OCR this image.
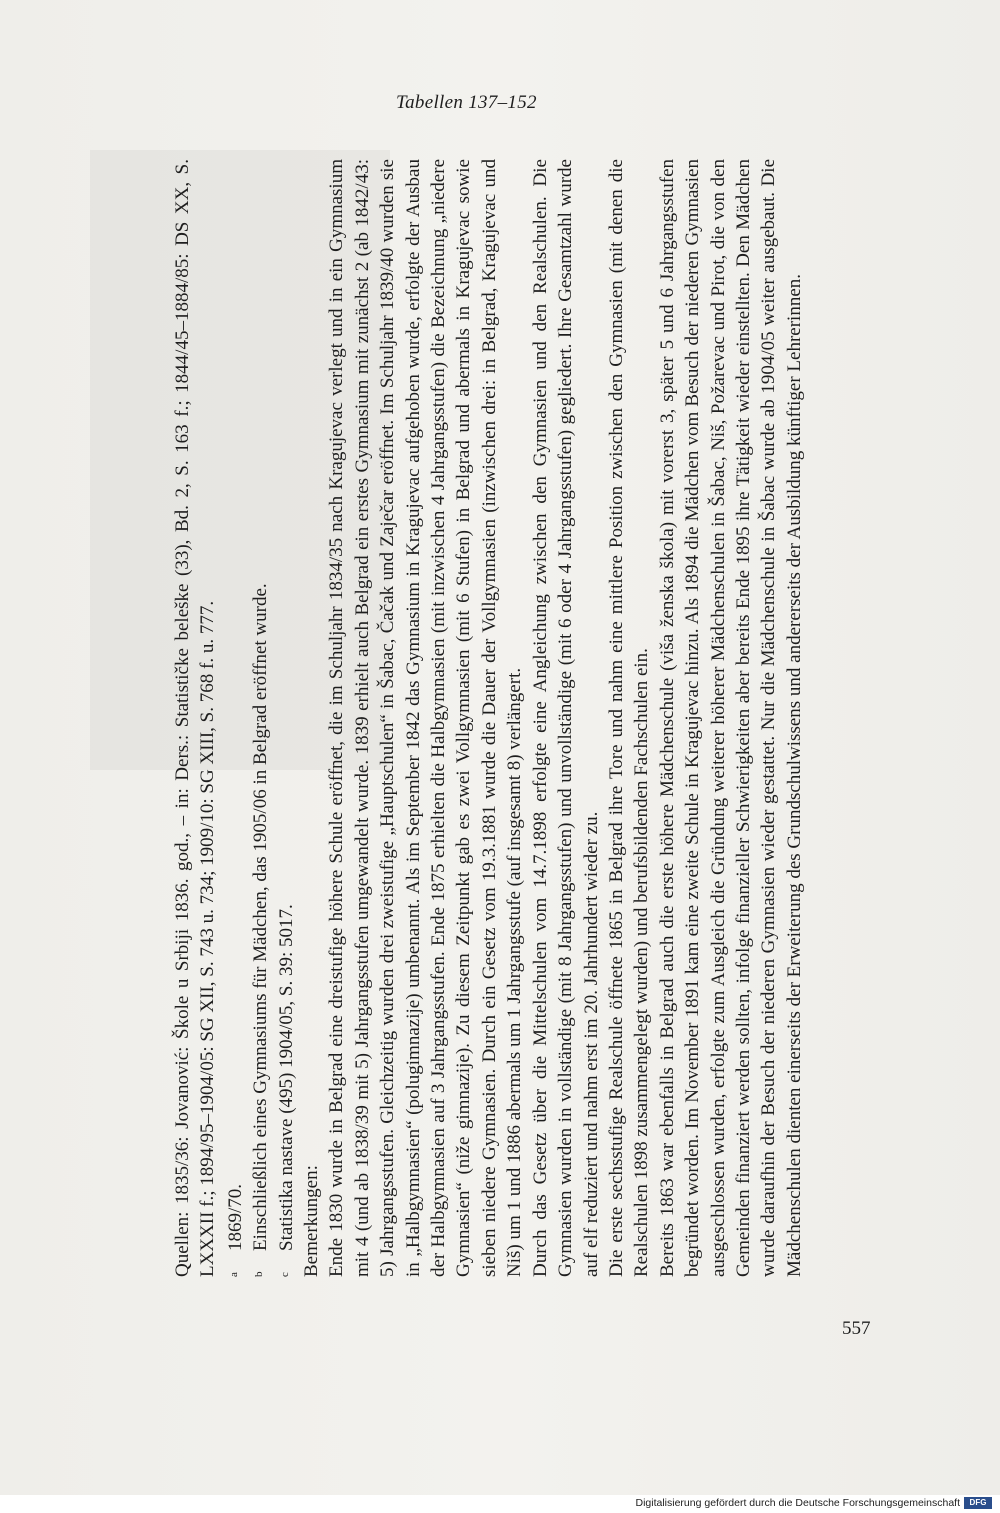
Tabellen 137–152

Quellen: 1835/36: Jovanović: Škole u Srbiji 1836. god., – in: Ders.: Statističke beleške (33), Bd. 2, S. 163 f.; 1844/45–1884/85: DS XX, S. LXXXII f.; 1894/95–1904/05: SG XII, S. 743 u. 734; 1909/10: SG XIII, S. 768 f. u. 777. a
1869/70.
b
Einschließlich eines Gymnasiums für Mädchen, das 1905/06 in Belgrad eröffnet wurde.
c
Statistika nastave (495) 1904/05, S. 39: 5017. Bemerkungen: Ende 1830 wurde in Belgrad eine dreistufige höhere Schule eröffnet, die im Schuljahr 1834/35 nach Kragujevac verlegt und in ein Gymnasium mit 4 (und ab 1838/39 mit 5) Jahrgangsstufen umgewandelt wurde. 1839 erhielt auch Belgrad ein erstes Gymnasium mit zunächst 2 (ab 1842/43: 5) Jahrgangsstufen. Gleichzeitig wurden drei zweistufige „Hauptschulen“ in Šabac, Čačak und Zaječar eröffnet. Im Schuljahr 1839/40 wurden sie in „Halbgymnasien“ (polugimnazije) umbenannt. Als im September 1842 das Gymnasium in Kragujevac aufgehoben wurde, erfolgte der Ausbau der Halbgymnasien auf 3 Jahrgangsstufen. Ende 1875 erhielten die Halbgymnasien (mit inzwischen 4 Jahrgangsstufen) die Bezeichnung „niedere Gymnasien“ (niže gimnazije). Zu diesem Zeitpunkt gab es zwei Vollgymnasien (mit 6 Stufen) in Belgrad und abermals in Kragujevac sowie sieben niedere Gymnasien. Durch ein Gesetz vom 19.3.1881 wurde die Dauer der Vollgymnasien (inzwischen drei: in Belgrad, Kragujevac und Niš) um 1 und 1886 abermals um 1 Jahrgangsstufe (auf insgesamt 8) verlängert. Durch das Gesetz über die Mittelschulen vom 14.7.1898 erfolgte eine Angleichung zwischen den Gymnasien und den Realschulen. Die Gymnasien wurden in vollständige (mit 8 Jahrgangsstufen) und unvollständige (mit 6 oder 4 Jahrgangsstufen) gegliedert. Ihre Gesamtzahl wurde auf elf reduziert und nahm erst im 20. Jahrhundert wieder zu. Die erste sechsstufige Realschule öffnete 1865 in Belgrad ihre Tore und nahm eine mittlere Position zwischen den Gymnasien (mit denen die Realschulen 1898 zusammengelegt wurden) und berufsbildenden Fachschulen ein. Bereits 1863 war ebenfalls in Belgrad auch die erste höhere Mädchenschule (viša ženska škola) mit vorerst 3, später 5 und 6 Jahrgangsstufen begründet worden. Im November 1891 kam eine zweite Schule in Kragujevac hinzu. Als 1894 die Mädchen vom Besuch der niederen Gymnasien ausgeschlossen wurden, erfolgte zum Ausgleich die Gründung weiterer höherer Mädchenschulen in Šabac, Niš, Požarevac und Pirot, die von den Gemeinden finanziert werden sollten, infolge finanzieller Schwierigkeiten aber bereits Ende 1895 ihre Tätigkeit wieder einstellten. Den Mädchen wurde daraufhin der Besuch der niederen Gymnasien wieder gestattet. Nur die Mädchenschule in Šabac wurde ab 1904/05 weiter ausgebaut. Die Mädchenschulen dienten einerseits der Erweiterung des Grundschulwissens und andererseits der Ausbildung künftiger Lehrerinnen.

557
Digitalisierung gefördert durch die Deutsche Forschungsgemeinschaft	DFG
